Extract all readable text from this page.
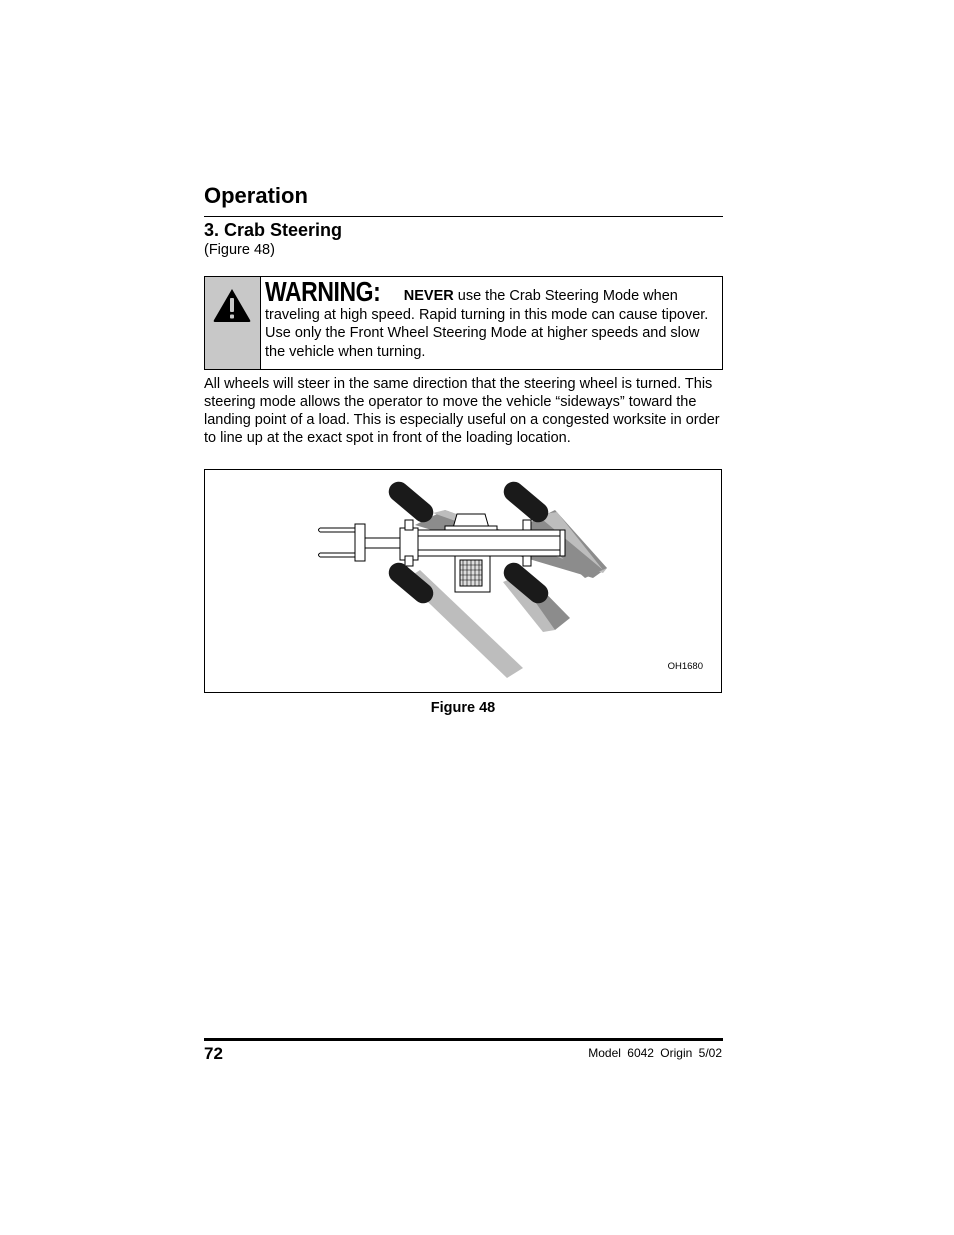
Operation
3. Crab Steering
(Figure 48)
WARNING: NEVER use the Crab Steering Mode when traveling at high speed. Rapid turning in this mode can cause tipover. Use only the Front Wheel Steering Mode at higher speeds and slow the vehicle when turning.

All wheels will steer in the same direction that the steering wheel is turned. This steering mode allows the operator to move the vehicle “sideways” toward the landing point of a load. This is especially useful on a congested worksite in order to line up at the exact spot in front of the loading location.

OH1680
Figure 48
72	Model 6042 Origin 5/02
